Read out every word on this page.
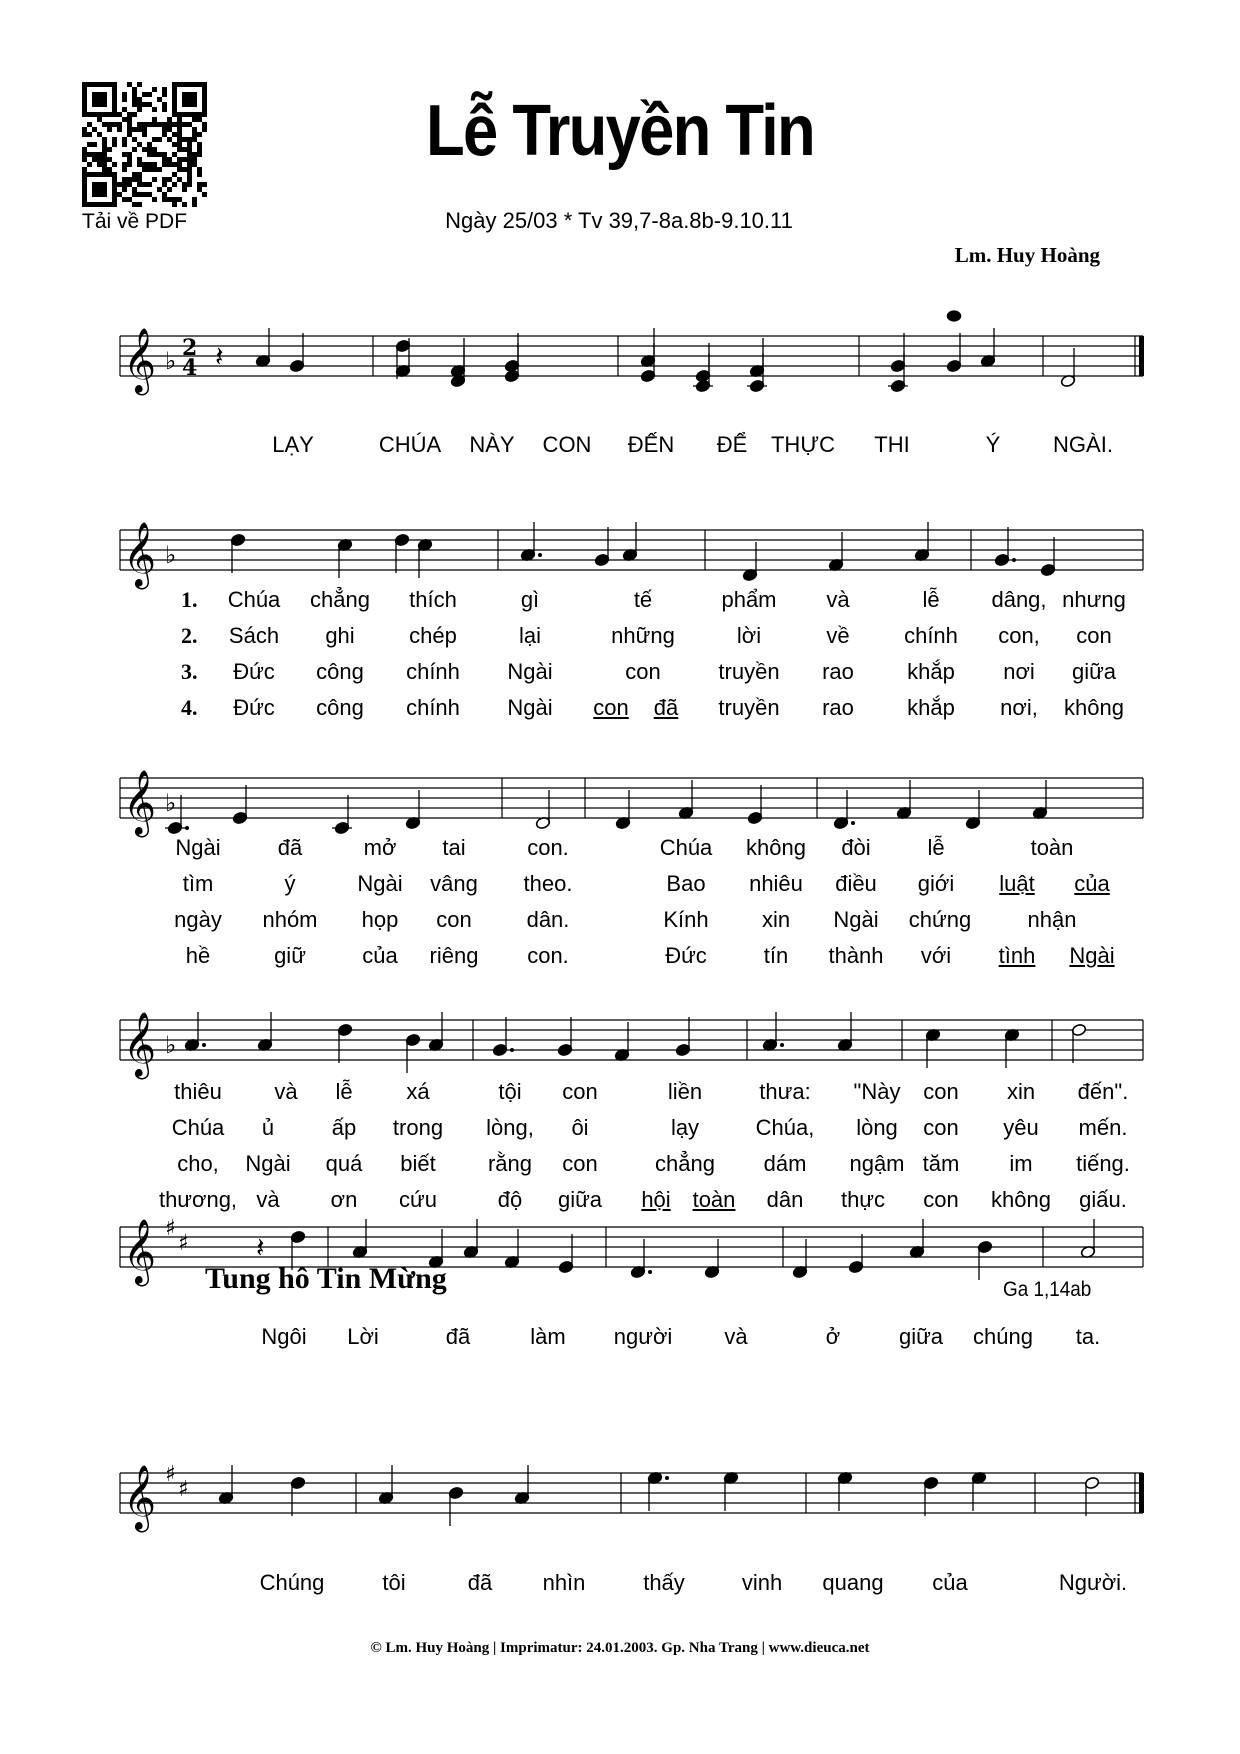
Tải về PDF
Lễ Truyền Tin
Ngày 25/03 * Tv 39,7-8a.8b-9.10.11
Lm. Huy Hoàng
𝄞 ♭ 2
4 𝄽
𝄞 ♭
𝄞 ♭
𝄞 ♭
𝄞 ♯
♯ 𝄽
𝄞 ♯
♯
LẠY	CHÚA NÀY CON ĐẾN ĐỂ THỰC THI	Ý NGÀI.
1.
2.
3.
4.
Chúa chẳng thích	gì	tế	phẩm và	lễ dâng, nhưng
Sách ghi chép	lại	những	lời	về chính con, con
Đức công chính Ngài	con	truyền rao khắp nơi giữa
Đức công chính Ngài con đã truyền rao khắp nơi, không
Ngài	đã	mở tai	con.	Chúa không đòi	lễ	toàn
tìm	ý	Ngài vâng theo.	Bao nhiêu điều giới luật của
ngày nhóm họp con dân.	Kính xin Ngài chứng	nhận
hề	giữ	của riêng con.	Đức	tín thành với tình Ngài
thiêu và lễ xá	tội con	liền	thưa: "Này con xin đến".
Chúa ủ	ấp trong lòng, ôi	lạy	Chúa, lòng con yêu mến.
cho, Ngài quá biết rằng con	chẳng dám ngậm tăm im tiếng.
thương, và ơn cứu	độ giữa hội toàn dân thực con không giấu.
Tung hô Tin Mừng	Ga 1,14ab
Ngôi Lời	đã	làm người và	ở	giữa chúng ta.
Chúng	tôi	đã nhìn	thấy	vinh quang của	Người.
© Lm. Huy Hoàng | Imprimatur: 24.01.2003. Gp. Nha Trang | www.dieuca.net
